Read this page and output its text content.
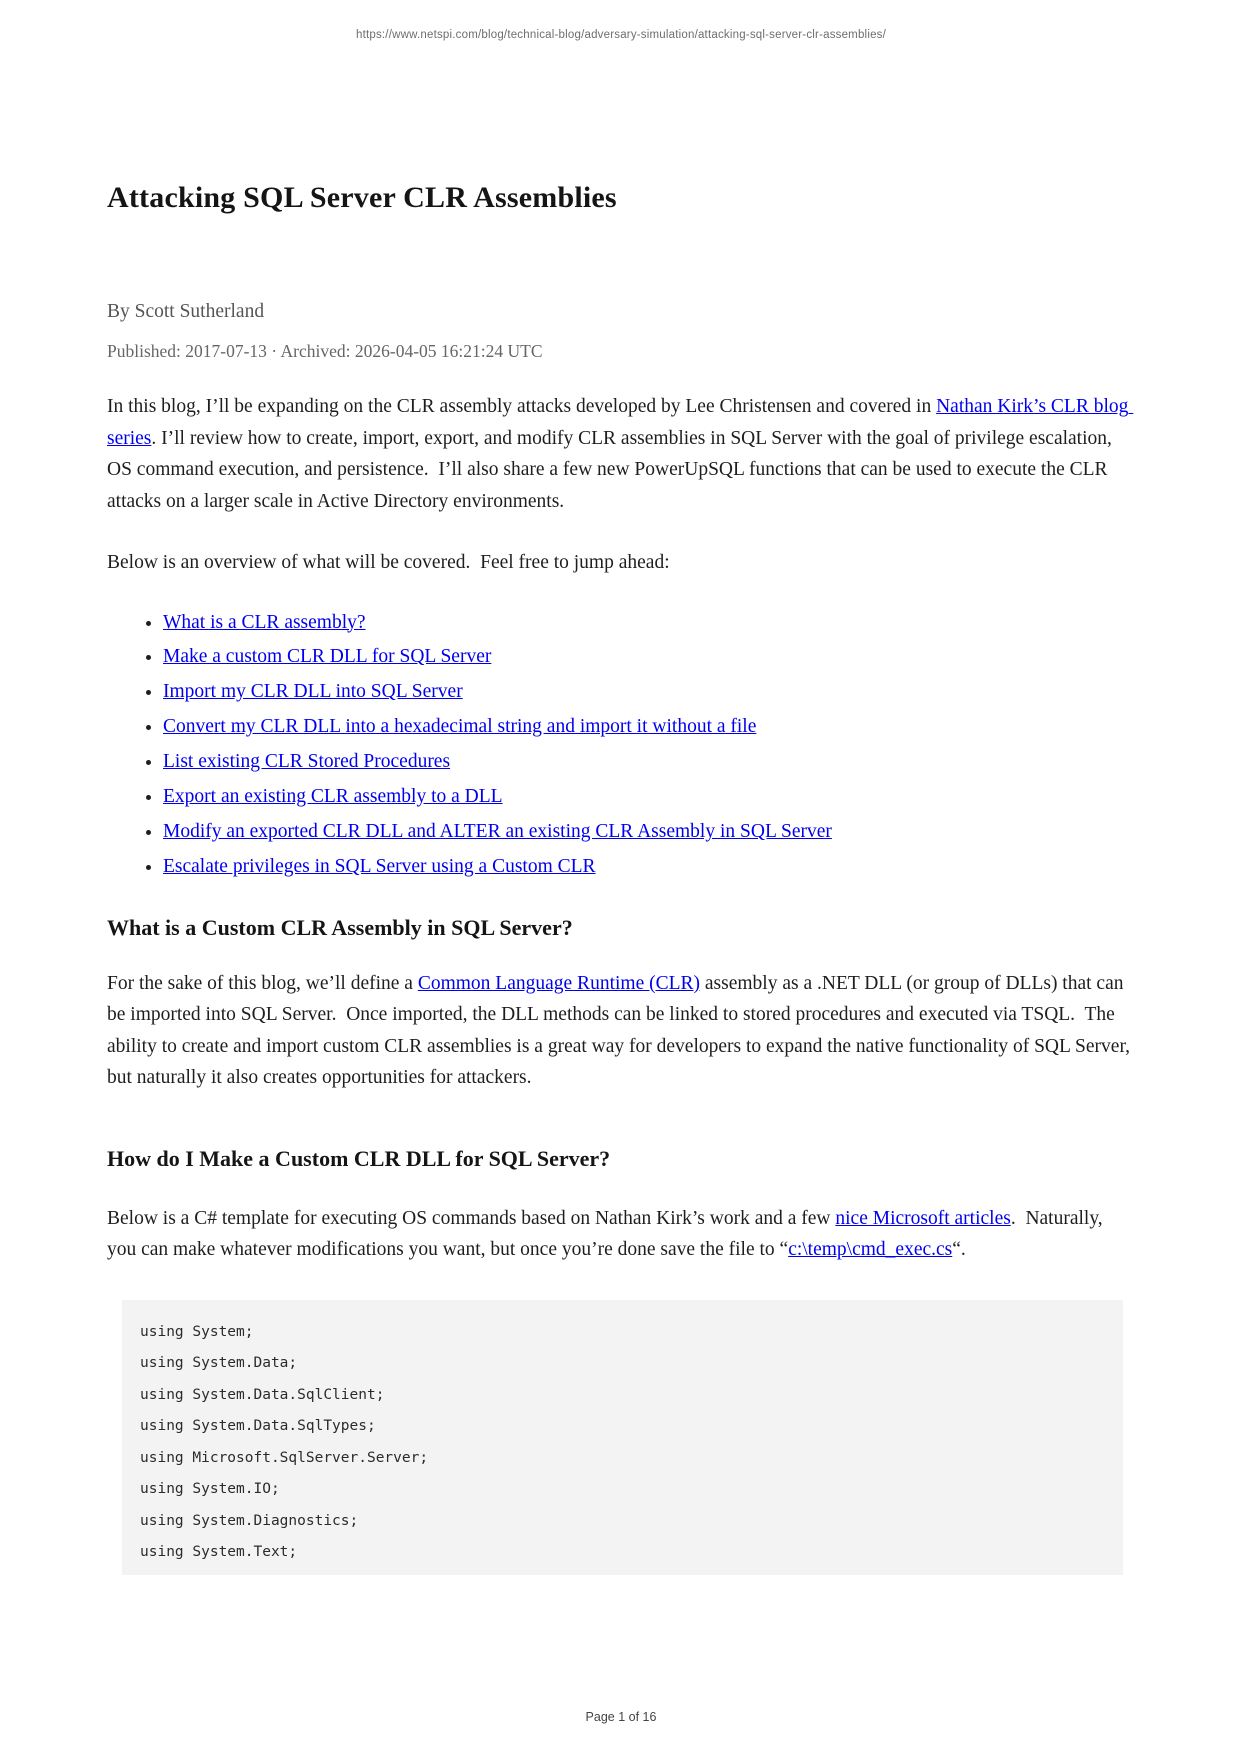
https://www.netspi.com/blog/technical-blog/adversary-simulation/attacking-sql-server-clr-assemblies/
Attacking SQL Server CLR Assemblies

By Scott Sutherland

Published: 2017-07-13 · Archived: 2026-04-05 16:21:24 UTC

In this blog, I’ll be expanding on the CLR assembly attacks developed by Lee Christensen and covered in Nathan Kirk’s CLR blog series. I’ll review how to create, import, export, and modify CLR assemblies in SQL Server with the goal of privilege escalation, OS command execution, and persistence.  I’ll also share a few new PowerUpSQL functions that can be used to execute the CLR attacks on a larger scale in Active Directory environments.

Below is an overview of what will be covered.  Feel free to jump ahead:

• What is a CLR assembly?
• Make a custom CLR DLL for SQL Server
• Import my CLR DLL into SQL Server
• Convert my CLR DLL into a hexadecimal string and import it without a file
• List existing CLR Stored Procedures
• Export an existing CLR assembly to a DLL
• Modify an exported CLR DLL and ALTER an existing CLR Assembly in SQL Server
• Escalate privileges in SQL Server using a Custom CLR
What is a Custom CLR Assembly in SQL Server?

For the sake of this blog, we’ll define a Common Language Runtime (CLR) assembly as a .NET DLL (or group of DLLs) that can be imported into SQL Server.  Once imported, the DLL methods can be linked to stored procedures and executed via TSQL.  The ability to create and import custom CLR assemblies is a great way for developers to expand the native functionality of SQL Server, but naturally it also creates opportunities for attackers.

How do I Make a Custom CLR DLL for SQL Server?

Below is a C# template for executing OS commands based on Nathan Kirk’s work and a few nice Microsoft articles.  Naturally, you can make whatever modifications you want, but once you’re done save the file to “c:\temp\cmd_exec.cs“.

using System;
using System.Data;
using System.Data.SqlClient;
using System.Data.SqlTypes;
using Microsoft.SqlServer.Server;
using System.IO;
using System.Diagnostics;
using System.Text;
Page 1 of 16
